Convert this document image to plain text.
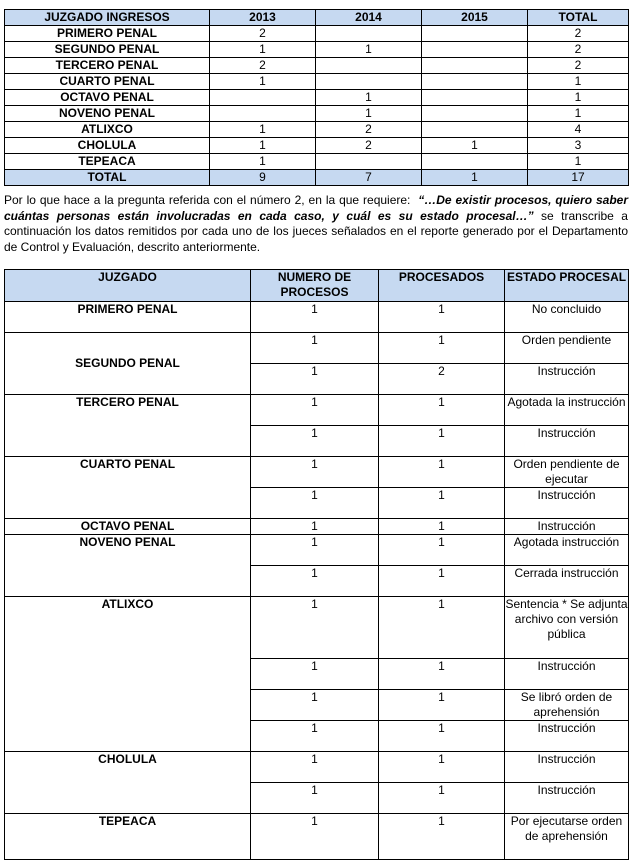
JUZGADO INGRESOS	2013	2014	2015	TOTAL
PRIMERO PENAL	2			2
SEGUNDO PENAL	1	1		2
TERCERO PENAL	2			2
CUARTO PENAL	1			1
OCTAVO PENAL		1		1
NOVENO PENAL		1		1
ATLIXCO	1	2		4
CHOLULA	1	2	1	3
TEPEACA	1			1
TOTAL	9	7	1	17

Por lo que hace a la pregunta referida con el número 2, en la que requiere: “…De existir procesos, quiero saber cuántas personas están involucradas en cada caso, y cuál es su estado procesal…” se transcribe a continuación los datos remitidos por cada uno de los jueces señalados en el reporte generado por el Departamento de Control y Evaluación, descrito anteriormente.

JUZGADO	NUMERO DE PROCESOS	PROCESADOS	ESTADO PROCESAL
PRIMERO PENAL	1	1	No concluido
SEGUNDO PENAL	1	1	Orden pendiente
	1	2	Instrucción
TERCERO PENAL	1	1	Agotada la instrucción
	1	1	Instrucción
CUARTO PENAL	1	1	Orden pendiente de ejecutar
	1	1	Instrucción
OCTAVO PENAL	1	1	Instrucción
NOVENO PENAL	1	1	Agotada instrucción
	1	1	Cerrada instrucción
ATLIXCO	1	1	Sentencia * Se adjunta archivo con versión pública
	1	1	Instrucción
	1	1	Se libró orden de aprehensión
	1	1	Instrucción
CHOLULA	1	1	Instrucción
	1	1	Instrucción
TEPEACA	1	1	Por ejecutarse orden de aprehensión
